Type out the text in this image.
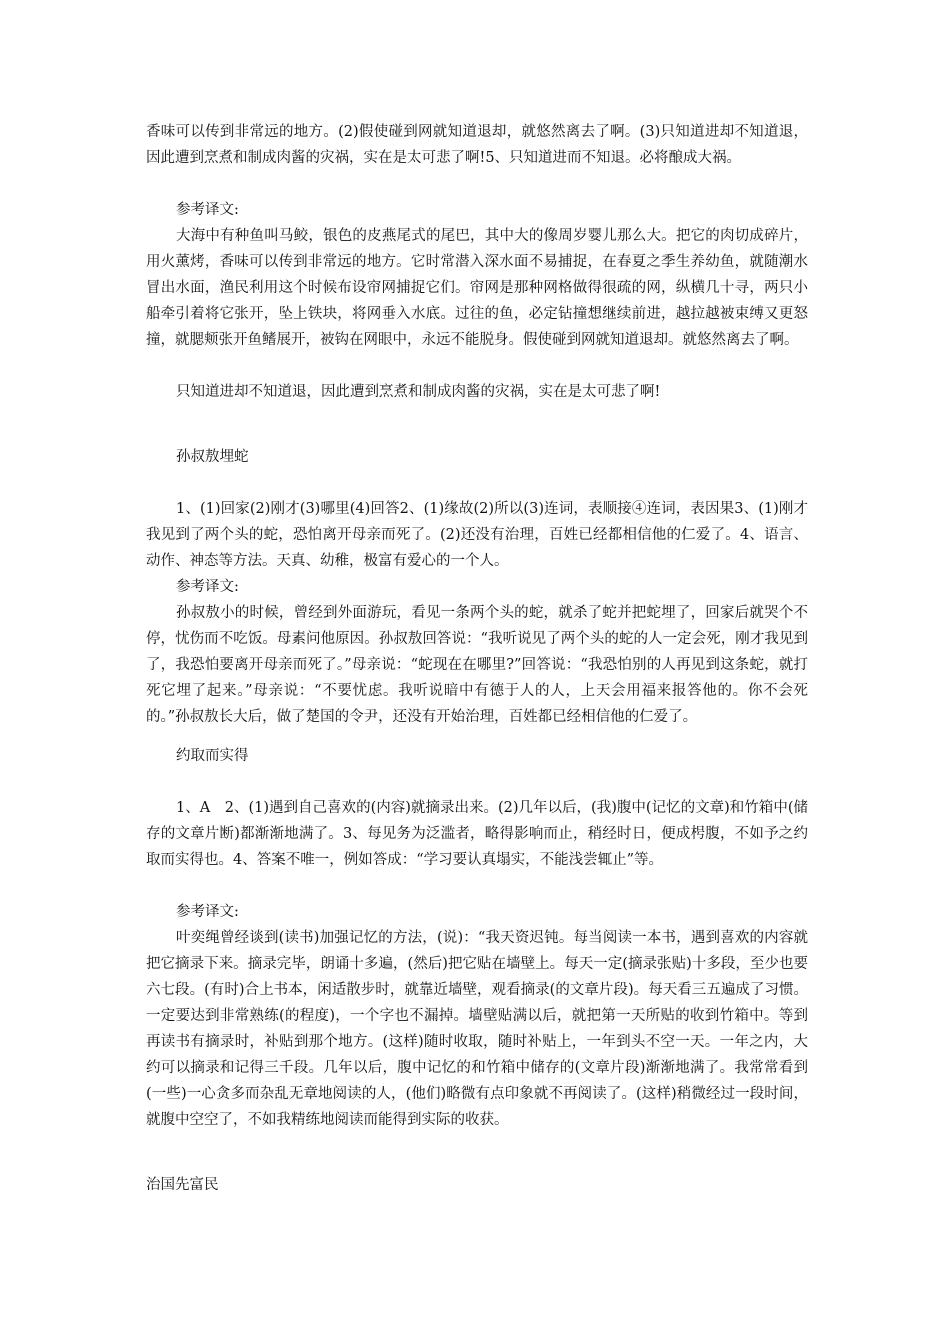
香味可以传到非常远的地方。(2)假使碰到网就知道退却，就悠然离去了啊。(3)只知道进却不知道退，因此遭到烹煮和制成肉酱的灾祸，实在是太可悲了啊!5、只知道进而不知退。必将酿成大祸。

参考译文:

大海中有种鱼叫马鲛，银色的皮燕尾式的尾巴，其中大的像周岁婴儿那么大。把它的肉切成碎片，用火薰烤，香味可以传到非常远的地方。它时常潜入深水面不易捕捉，在春夏之季生养幼鱼，就随潮水冒出水面，渔民利用这个时候布设帘网捕捉它们。帘网是那种网格做得很疏的网，纵横几十寻，两只小船牵引着将它张开，坠上铁块，将网垂入水底。过往的鱼，必定钻撞想继续前进，越拉越被束缚又更怒撞，就腮颊张开鱼鳍展开，被钩在网眼中，永远不能脱身。假使碰到网就知道退却。就悠然离去了啊。

只知道进却不知道退，因此遭到烹煮和制成肉酱的灾祸，实在是太可悲了啊!

孙叔敖埋蛇

1、(1)回家(2)刚才(3)哪里(4)回答2、(1)缘故(2)所以(3)连词，表顺接④连词，表因果3、(1)刚才我见到了两个头的蛇，恐怕离开母亲而死了。(2)还没有治理，百姓已经都相信他的仁爱了。4、语言、动作、神态等方法。天真、幼稚，极富有爱心的一个人。

参考译文:

孙叔敖小的时候，曾经到外面游玩，看见一条两个头的蛇，就杀了蛇并把蛇埋了，回家后就哭个不停，忧伤而不吃饭。母素问他原因。孙叔敖回答说：“我听说见了两个头的蛇的人一定会死，刚才我见到了，我恐怕要离开母亲而死了。”母亲说：“蛇现在在哪里?”回答说：“我恐怕别的人再见到这条蛇，就打死它埋了起来。”母亲说：“不要忧虑。我听说暗中有德于人的人，上天会用福来报答他的。你不会死的。”孙叔敖长大后，做了楚国的令尹，还没有开始治理，百姓都已经相信他的仁爱了。

约取而实得

1、A　2、(1)遇到自己喜欢的(内容)就摘录出来。(2)几年以后，(我)腹中(记忆的文章)和竹箱中(储存的文章片断)都渐渐地满了。3、每见务为泛滥者，略得影响而止，稍经时日，便成枵腹，不如予之约取而实得也。4、答案不唯一，例如答成：“学习要认真塌实，不能浅尝辄止”等。

参考译文:

叶奕绳曾经谈到(读书)加强记忆的方法，(说)：“我天资迟钝。每当阅读一本书，遇到喜欢的内容就把它摘录下来。摘录完毕，朗诵十多遍，(然后)把它贴在墙壁上。每天一定(摘录张贴)十多段，至少也要六七段。(有时)合上书本，闲适散步时，就靠近墙壁，观看摘录(的文章片段)。每天看三五遍成了习惯。一定要达到非常熟练(的程度)，一个字也不漏掉。墙壁贴满以后，就把第一天所贴的收到竹箱中。等到再读书有摘录时，补贴到那个地方。(这样)随时收取，随时补贴上，一年到头不空一天。一年之内，大约可以摘录和记得三千段。几年以后，腹中记忆的和竹箱中储存的(文章片段)渐渐地满了。我常常看到(一些)一心贪多而杂乱无章地阅读的人，(他们)略微有点印象就不再阅读了。(这样)稍微经过一段时间，就腹中空空了，不如我精练地阅读而能得到实际的收获。

治国先富民
